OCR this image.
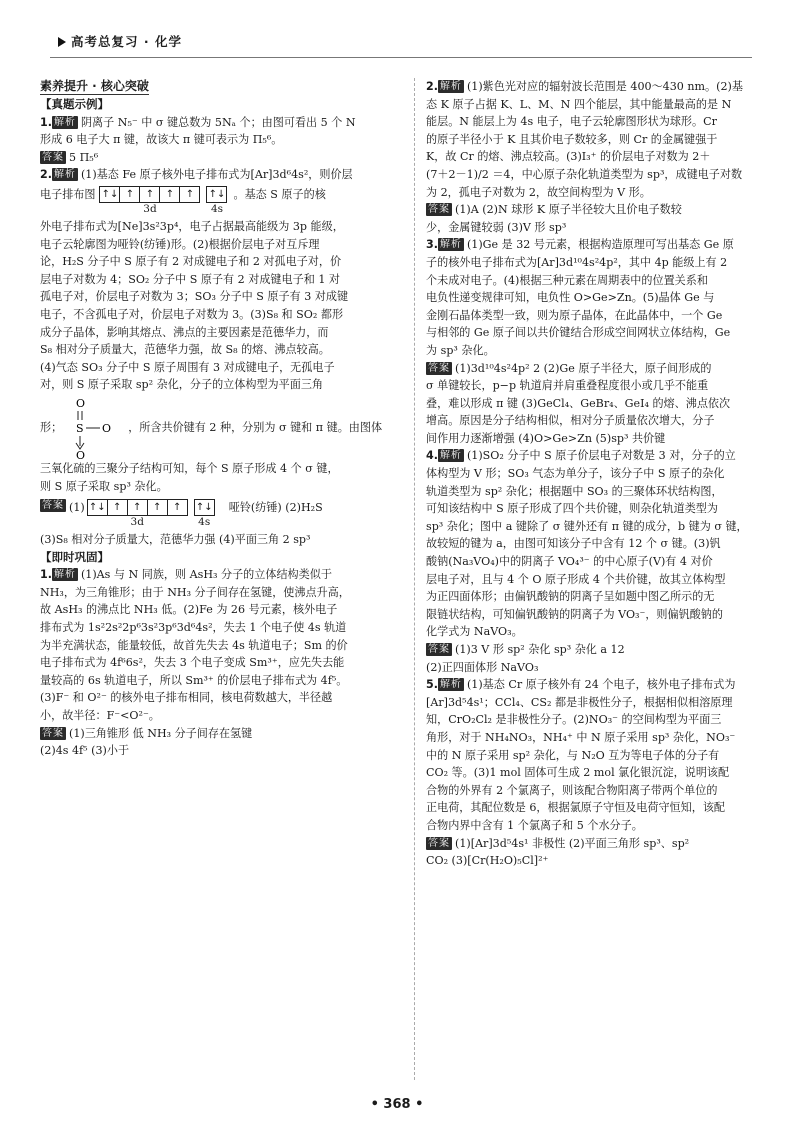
高考总复习 · 化学
素养提升 · 核心突破

【真题示例】

1. 解析 阴离子 N₅⁻ 中 σ 键总数为 5Nₐ 个；由图可看出 5 个 N

形成 6 电子大 π 键，故该大 π 键可表示为 Π₅⁶。

答案 5 Π₅⁶

2. 解析 (1)基态 Fe 原子核外电子排布式为[Ar]3d⁶4s²，则价层

电子排布图 ↑↓ ↑	↑	↑	↑
3d
↑↓
4s
。基态 S 原子的核

外电子排布式为[Ne]3s²3p⁴，电子占据最高能级为 3p 能级，

电子云轮廓图为哑铃(纺锤)形。(2)根据价层电子对互斥理

论，H₂S 分子中 S 原子有 2 对成键电子和 2 对孤电子对，价

层电子对数为 4；SO₂ 分子中 S 原子有 2 对成键电子和 1 对

孤电子对，价层电子对数为 3；SO₃ 分子中 S 原子有 3 对成键

电子，不含孤电子对，价层电子对数为 3。(3)S₈ 和 SO₂ 都形

成分子晶体，影响其熔点、沸点的主要因素是范德华力，而

S₈ 相对分子质量大，范德华力强，故 S₈ 的熔、沸点较高。

(4)气态 SO₃ 分子中 S 原子周围有 3 对成键电子，无孤电子

对，则 S 原子采取 sp² 杂化，分子的立体构型为平面三角

形；
O
S O
O
，所含共价键有 2 种，分别为 σ 键和 π 键。由图体

三氧化硫的三聚分子结构可知，每个 S 原子形成 4 个 σ 键，

则 S 原子采取 sp³ 杂化。

答案 (1) ↑↓ ↑	↑	↑	↑
3d
↑↓
4s
哑铃(纺锤) (2)H₂S

(3)S₈ 相对分子质量大，范德华力强 (4)平面三角 2 sp³

【即时巩固】

1. 解析 (1)As 与 N 同族，则 AsH₃ 分子的立体结构类似于

NH₃，为三角锥形；由于 NH₃ 分子间存在氢键，使沸点升高，

故 AsH₃ 的沸点比 NH₃ 低。(2)Fe 为 26 号元素，核外电子

排布式为 1s²2s²2p⁶3s²3p⁶3d⁶4s²，失去 1 个电子使 4s 轨道

为半充满状态，能量较低，故首先失去 4s 轨道电子；Sm 的价

电子排布式为 4f⁶6s²，失去 3 个电子变成 Sm³⁺，应先失去能

量较高的 6s 轨道电子，所以 Sm³⁺ 的价层电子排布式为 4f⁵。

(3)F⁻ 和 O²⁻ 的核外电子排布相同，核电荷数越大，半径越

小，故半径：F⁻<O²⁻。

答案 (1)三角锥形 低 NH₃ 分子间存在氢键

(2)4s 4f⁵ (3)小于

2. 解析 (1)紫色光对应的辐射波长范围是 400～430 nm。(2)基

态 K 原子占据 K、L、M、N 四个能层，其中能量最高的是 N

能层。N 能层上为 4s 电子，电子云轮廓图形状为球形。Cr

的原子半径小于 K 且其价电子数较多，则 Cr 的金属键强于

K，故 Cr 的熔、沸点较高。(3)I₃⁺ 的价层电子对数为 2＋

(7＋2－1)/2 ＝4，中心原子杂化轨道类型为 sp³，成键电子对数

为 2，孤电子对数为 2，故空间构型为 V 形。

答案 (1)A (2)N 球形 K 原子半径较大且价电子数较

少，金属键较弱 (3)V 形 sp³

3. 解析 (1)Ge 是 32 号元素，根据构造原理可写出基态 Ge 原

子的核外电子排布式为[Ar]3d¹⁰4s²4p²，其中 4p 能级上有 2

个未成对电子。(4)根据三种元素在周期表中的位置关系和

电负性递变规律可知，电负性 O>Ge>Zn。(5)晶体 Ge 与

金刚石晶体类型一致，则为原子晶体，在此晶体中，一个 Ge

与相邻的 Ge 原子间以共价键结合形成空间网状立体结构，Ge

为 sp³ 杂化。

答案 (1)3d¹⁰4s²4p² 2 (2)Ge 原子半径大，原子间形成的

σ 单键较长，p−p 轨道肩并肩重叠程度很小或几乎不能重

叠，难以形成 π 键 (3)GeCl₄、GeBr₄、GeI₄ 的熔、沸点依次

增高。原因是分子结构相似，相对分子质量依次增大，分子

间作用力逐渐增强 (4)O>Ge>Zn (5)sp³ 共价键

4. 解析 (1)SO₂ 分子中 S 原子价层电子对数是 3 对，分子的立

体构型为 V 形；SO₃ 气态为单分子，该分子中 S 原子的杂化

轨道类型为 sp² 杂化；根据题中 SO₃ 的三聚体环状结构图，

可知该结构中 S 原子形成了四个共价键，则杂化轨道类型为

sp³ 杂化；图中 a 键除了 σ 键外还有 π 键的成分，b 键为 σ 键，

故较短的键为 a，由图可知该分子中含有 12 个 σ 键。(3)钒

酸钠(Na₃VO₄)中的阴离子 VO₄³⁻ 的中心原子(V)有 4 对价

层电子对，且与 4 个 O 原子形成 4 个共价键，故其立体构型

为正四面体形；由偏钒酸钠的阴离子呈如题中图乙所示的无

限链状结构，可知偏钒酸钠的阴离子为 VO₃⁻，则偏钒酸钠的

化学式为 NaVO₃。

答案 (1)3 V 形 sp² 杂化 sp³ 杂化 a 12

(2)正四面体形 NaVO₃

5. 解析 (1)基态 Cr 原子核外有 24 个电子，核外电子排布式为

[Ar]3d⁵4s¹；CCl₄、CS₂ 都是非极性分子，根据相似相溶原理

知，CrO₂Cl₂ 是非极性分子。(2)NO₃⁻ 的空间构型为平面三

角形，对于 NH₄NO₃，NH₄⁺ 中 N 原子采用 sp³ 杂化，NO₃⁻

中的 N 原子采用 sp² 杂化，与 N₂O 互为等电子体的分子有

CO₂ 等。(3)1 mol 固体可生成 2 mol 氯化银沉淀，说明该配

合物的外界有 2 个氯离子，则该配合物阳离子带两个单位的

正电荷，其配位数是 6，根据氯原子守恒及电荷守恒知，该配

合物内界中含有 1 个氯离子和 5 个水分子。

答案 (1)[Ar]3d⁵4s¹ 非极性 (2)平面三角形 sp³、sp²

CO₂ (3)[Cr(H₂O)₅Cl]²⁺

• 368 •
